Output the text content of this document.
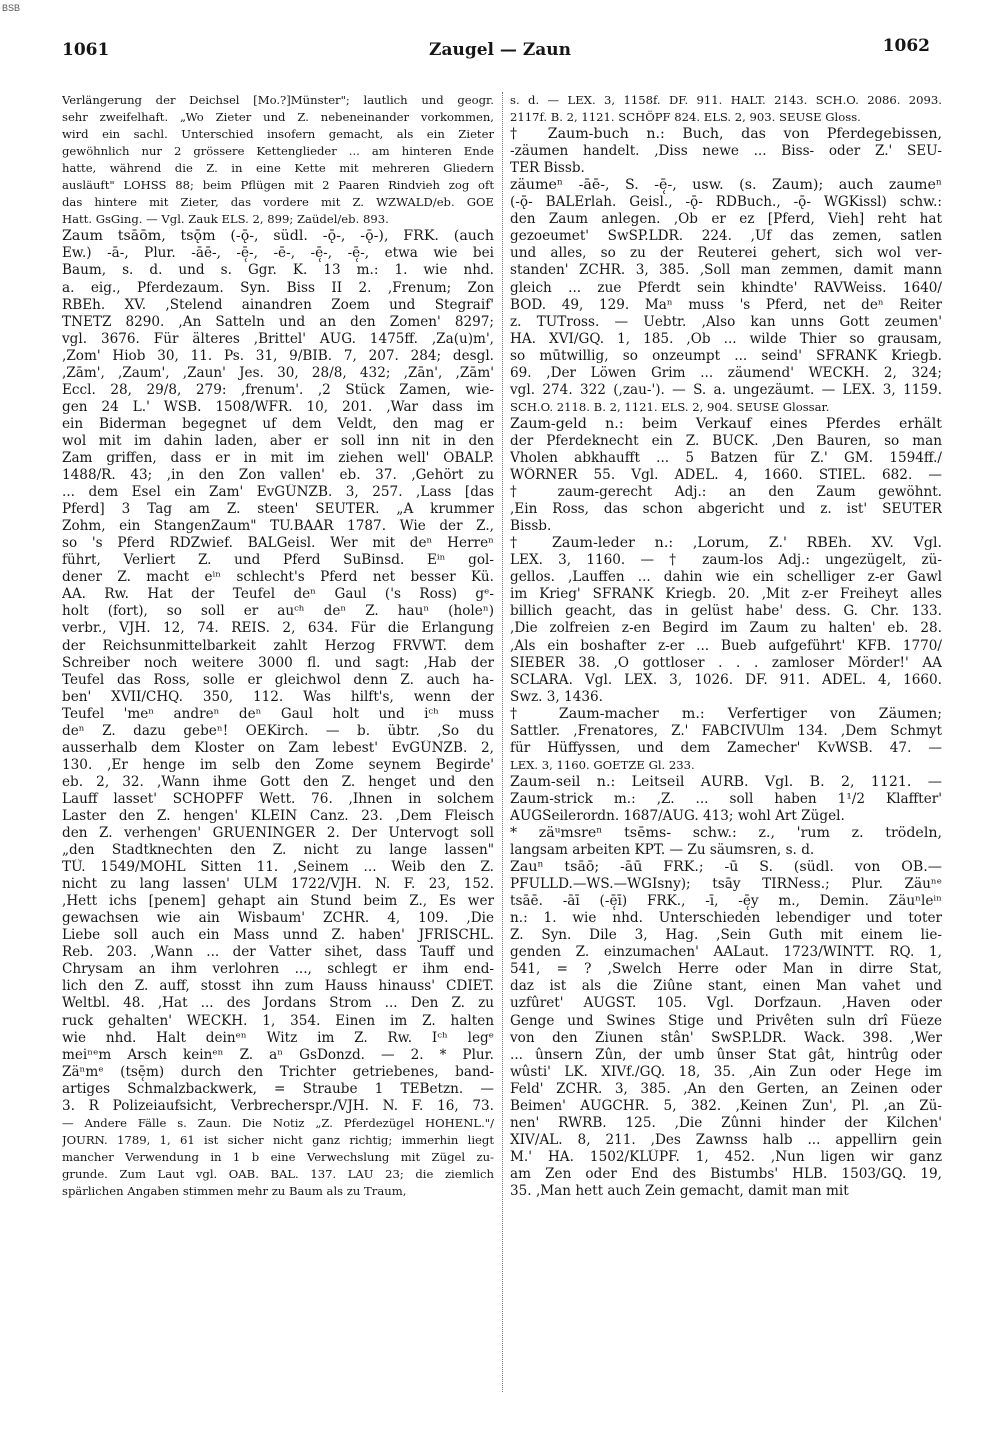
BSB
1061	Zaugel — Zaun	1062
Verlängerung der Deichsel [Mo.?]Münster"; lautlich und geogr.
sehr zweifelhaft. „Wo Zieter und Z. nebeneinander vorkommen,
wird ein sachl. Unterschied insofern gemacht, als ein Zieter
gewöhnlich nur 2 grössere Kettenglieder ... am hinteren Ende
hatte, während die Z. in eine Kette mit mehreren Gliedern
ausläuft" LOHSS 88; beim Pflügen mit 2 Paaren Rindvieh zog oft
das hintere mit Zieter, das vordere mit Z. WZWALD/eb. GOE
Hatt. GsGing. — Vgl. Zauk ELS. 2, 899; Zaüdel/eb. 893.
Zaum tsāōm, tsǭm (-ǭ-, südl. -ǭ-, -ǭ-), FRK. (auch
Ew.) -ā-, Plur. -āē-, -ē̜-, -ē-, -ē̜-, -ē̜-, etwa wie bei
Baum, s. d. und s. Ggr. K. 13 m.: 1. wie nhd.
a. eig., Pferdezaum. Syn. Biss II 2. ,Frenum; Zon
RBEh. XV. ,Stelend ainandren Zoem und Stegraif'
TNETZ 8290. ,An Satteln und an den Zomen' 8297;
vgl. 3676. Für älteres ,Brittel' AUG. 1475ff. ,Za(u)m',
,Zom' Hiob 30, 11. Ps. 31, 9/BIB. 7, 207. 284; desgl.
,Zām', ,Zaum', ,Zaun' Jes. 30, 28/8, 432; ,Zān', ,Zām'
Eccl. 28, 29/8, 279: ,frenum'. ,2 Stück Zamen, wie-
gen 24 L.' WSB. 1508/WFR. 10, 201. ,War dass im
ein Biderman begegnet uf dem Veldt, den mag er
wol mit im dahin laden, aber er soll inn nit in den
Zam griffen, dass er in mit im ziehen well' OBALP.
1488/R. 43; ,in den Zon vallen' eb. 37. ,Gehört zu
... dem Esel ein Zam' EvGÜNZB. 3, 257. ,Lass [das
Pferd] 3 Tag am Z. steen' SEUTER. „A krummer
Zohm, ein StangenZaum" TU.BAAR 1787. Wie der Z.,
so 's Pferd RDZwief. BALGeisl. Wer mit deⁿ Herreⁿ
führt, Verliert Z. und Pferd SuBinsd. Eⁱⁿ gol-
dener Z. macht eⁱⁿ schlechtꞌs Pferd net besser Kü.
AA. Rw. Hat der Teufel deⁿ Gaul ('s Ross) gᵉ-
holt (fort), so soll er auᶜʰ deⁿ Z. hauⁿ (holeⁿ)
verbr., VJH. 12, 74. REIS. 2, 634. Für die Erlangung
der Reichsunmittelbarkeit zahlt Herzog FRVWT. dem
Schreiber noch weitere 3000 fl. und sagt: ,Hab der
Teufel das Ross, solle er gleichwol denn Z. auch ha-
ben' XVII/CHQ. 350, 112. Was hilftꞌs, wenn der
Teufel 'meⁿ andreⁿ deⁿ Gaul holt und iᶜʰ muss
deⁿ Z. dazu gebeⁿ! OEKirch. — b. übtr. ,So du
ausserhalb dem Kloster on Zam lebest' EvGÜNZB. 2,
130. ,Er henge im selb den Zome seynem Begirde'
eb. 2, 32. ,Wann ihme Gott den Z. henget und den
Lauff lasset' SCHOPFF Wett. 76. ,Ihnen in solchem
Laster den Z. hengen' KLEIN Canz. 23. ,Dem Fleisch
den Z. verhengen' GRUENINGER 2. Der Untervogt soll
„den Stadtknechten den Z. nicht zu lange lassen"
TÜ. 1549/MOHL Sitten 11. ,Seinem ... Weib den Z.
nicht zu lang lassen' ULM 1722/VJH. N. F. 23, 152.
,Hett ichs [penem] gehapt ain Stund beim Z., Es wer
gewachsen wie ain Wisbaum' ZCHR. 4, 109. ,Die
Liebe soll auch ein Mass unnd Z. haben' JFRISCHL.
Reb. 203. ,Wann ... der Vatter sihet, dass Tauff und
Chrysam an ihm verlohren ..., schlegt er ihm end-
lich den Z. auff, stosst ihn zum Hauss hinauss' CDIET.
Weltbl. 48. ,Hat ... des Jordans Strom ... Den Z. zu
ruck gehalten' WECKH. 1, 354. Einen im Z. halten
wie nhd. Halt deinᵉⁿ Witz im Z. Rw. Iᶜʰ legᵉ
meiⁿᵉm Arsch keinᵉⁿ Z. aⁿ GsDonzd. — 2. * Plur.
Zäⁿmᵉ (tsē̜m) durch den Trichter getriebenes, band-
artiges Schmalzbackwerk, = Straube 1 TEBetzn. —
3. R Polizeiaufsicht, Verbrecherspr./VJH. N. F. 16, 73.
— Andere Fälle s. Zaun. Die Notiz „Z. Pferdezügel HOHENL."/
JOURN. 1789, 1, 61 ist sicher nicht ganz richtig; immerhin liegt
mancher Verwendung in 1 b eine Verwechslung mit Zügel zu-
grunde. Zum Laut vgl. OAB. BAL. 137. LAU 23; die ziemlich
spärlichen Angaben stimmen mehr zu Baum als zu Traum,
s. d. — LEX. 3, 1158f. DF. 911. HALT. 2143. SCH.O. 2086. 2093.
2117f. B. 2, 1121. SCHÖPF 824. ELS. 2, 903. SEUSE Gloss.
† Zaum-buch n.: Buch, das von Pferdegebissen,
-zäumen handelt. ,Diss newe ... Biss- oder Z.' SEU-
TER Bissb.
zäumeⁿ -āē-, S. -ē̜-, usw. (s. Zaum); auch zaumeⁿ
(-ǭ- BALErlah. Geisl., -ǭ- RDBuch., -ǭ- WGKissl) schw.:
den Zaum anlegen. ,Ob er ez [Pferd, Vieh] reht hat
gezoeumet' SwSP.LDR. 224. ,Uf das zemen, satlen
und alles, so zu der Reuterei gehert, sich wol ver-
standen' ZCHR. 3, 385. ,Soll man zemmen, damit mann
gleich ... zue Pferdt sein khindte' RAVWeiss. 1640/
BOD. 49, 129. Maⁿ muss 's Pferd, net deⁿ Reiter
z. TUTross. — Uebtr. ,Also kan unns Gott zeumen'
HA. XVI/GQ. 1, 185. ,Ob ... wilde Thier so grausam,
so mūtwillig, so onzeumpt ... seind' SFRANK Kriegb.
69. ,Der Löwen Grim ... zäumend' WECKH. 2, 324;
vgl. 274. 322 (,zau-'). — S. a. ungezäumt. — LEX. 3, 1159.
SCH.O. 2118. B. 2, 1121. ELS. 2, 904. SEUSE Glossar.
Zaum-geld n.: beim Verkauf eines Pferdes erhält
der Pferdeknecht ein Z. BUCK. ,Den Bauren, so man
Vholen abkhaufft ... 5 Batzen für Z.' GM. 1594ff./
WÖRNER 55. Vgl. ADEL. 4, 1660. STIEL. 682. —
† zaum-gerecht Adj.: an den Zaum gewöhnt.
,Ein Ross, das schon abgericht und z. ist' SEUTER
Bissb.
† Zaum-leder n.: ,Lorum, Z.' RBEh. XV. Vgl.
LEX. 3, 1160. — † zaum-los Adj.: ungezügelt, zü-
gellos. ,Lauffen ... dahin wie ein schelliger z-er Gawl
im Krieg' SFRANK Kriegb. 20. ,Mit z-er Freiheyt alles
billich geacht, das in gelüst habe' dess. G. Chr. 133.
,Die zolfreien z-en Begird im Zaum zu halten' eb. 28.
,Als ein boshafter z-er ... Bueb aufgeführt' KFB. 1770/
SIEBER 38. ,O gottloser . . . zamloser Mörder!' AA
SCLARA. Vgl. LEX. 3, 1026. DF. 911. ADEL. 4, 1660.
Swz. 3, 1436.
† Zaum-macher m.: Verfertiger von Zäumen;
Sattler. ,Frenatores, Z.' FABCIVUlm 134. ,Dem Schmyt
für Hüffyssen, und dem Zamecher' KvWSB. 47. —
LEX. 3, 1160. GOETZE Gl. 233.
Zaum-seil n.: Leitseil AURB. Vgl. B. 2, 1121. —
Zaum-strick m.: ,Z. ... soll haben 1¹/2 Klaffter'
AUGSeilerordn. 1687/AUG. 413; wohl Art Zügel.
* zäᵘmsreⁿ tsēms- schw.: z., 'rum z. trödeln,
langsam arbeiten KPT. — Zu säumsren, s. d.
Zauⁿ tsāō; -āū FRK.; -ū S. (südl. von OB.—
PFULLD.—WS.—WGIsny); tsāy TIRNess.; Plur. Zäuⁿᵉ
tsāē. -āī (-ē̜ī) FRK., -ī, -ē̜y m., Demin. Zäuⁿleⁱⁿ
n.: 1. wie nhd. Unterschieden lebendiger und toter
Z. Syn. Dile 3, Hag. ,Sein Guth mit einem lie-
genden Z. einzumachen' AALaut. 1723/WINTT. RQ. 1,
541, = ? ,Swelch Herre oder Man in dirre Stat,
daz ist als die Ziûne stant, einen Man vahet und
uzfûret' AUGST. 105. Vgl. Dorfzaun. ,Haven oder
Genge und Swines Stige und Privêten suln drî Füeze
von den Ziunen stân' SwSP.LDR. Wack. 398. ,Wer
... ûnsern Zûn, der umb ûnser Stat gât, hintrûg oder
wûsti' LK. XIVf./GQ. 18, 35. ,Ain Zun oder Hege im
Feld' ZCHR. 3, 385. ,An den Gerten, an Zeinen oder
Beimen' AUGCHR. 5, 382. ,Keinen Zun', Pl. ,an Zü-
nen' RWRB. 125. ,Die Zûnni hinder der Kilchen'
XIV/AL. 8, 211. ,Des Zawnss halb ... appellirn gein
M.' HA. 1502/KLÜPF. 1, 452. ,Nun ligen wir ganz
am Zen oder End des Bistumbs' HLB. 1503/GQ. 19,
35. ,Man hett auch Zein gemacht, damit man mit
